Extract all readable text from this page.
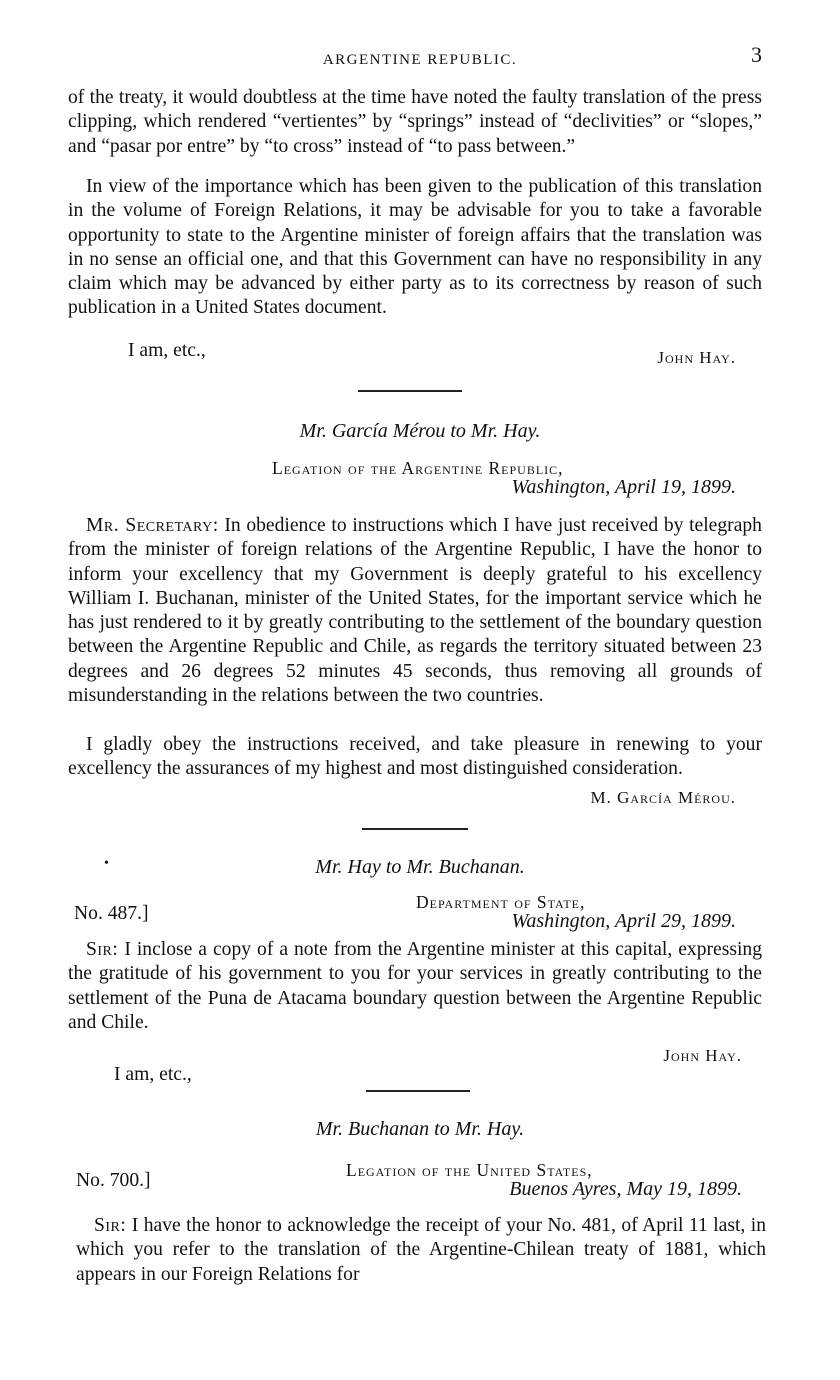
ARGENTINE REPUBLIC.	3

of the treaty, it would doubtless at the time have noted the faulty translation of the press clipping, which rendered “vertientes” by “springs” instead of “declivities” or “slopes,” and “pasar por entre” by “to cross” instead of “to pass between.”

In view of the importance which has been given to the publication of this translation in the volume of Foreign Relations, it may be advisable for you to take a favorable opportunity to state to the Argentine minister of foreign affairs that the translation was in no sense an official one, and that this Government can have no responsibility in any claim which may be advanced by either party as to its correctness by reason of such publication in a United States document.

I am, etc.,	John Hay.
Mr. García Mérou to Mr. Hay.
Legation of the Argentine Republic,
Washington, April 19, 1899.

Mr. Secretary: In obedience to instructions which I have just received by telegraph from the minister of foreign relations of the Argentine Republic, I have the honor to inform your excellency that my Government is deeply grateful to his excellency William I. Buchanan, minister of the United States, for the important service which he has just rendered to it by greatly contributing to the settlement of the boundary question between the Argentine Republic and Chile, as regards the territory situated between 23 degrees and 26 degrees 52 minutes 45 seconds, thus removing all grounds of misunderstanding in the relations between the two countries.

I gladly obey the instructions received, and take pleasure in renewing to your excellency the assurances of my highest and most distinguished consideration.

M. García Mérou.
•	Mr. Hay to Mr. Buchanan.
No. 487.]
Department of State,
Washington, April 29, 1899.

Sir: I inclose a copy of a note from the Argentine minister at this capital, expressing the gratitude of his government to you for your services in greatly contributing to the settlement of the Puna de Atacama boundary question between the Argentine Republic and Chile.

I am, etc.,
John Hay.
Mr. Buchanan to Mr. Hay.
No. 700.]	Legation of the United States,
Buenos Ayres, May 19, 1899.

Sir: I have the honor to acknowledge the receipt of your No. 481, of April 11 last, in which you refer to the translation of the Argentine-Chilean treaty of 1881, which appears in our Foreign Relations for
